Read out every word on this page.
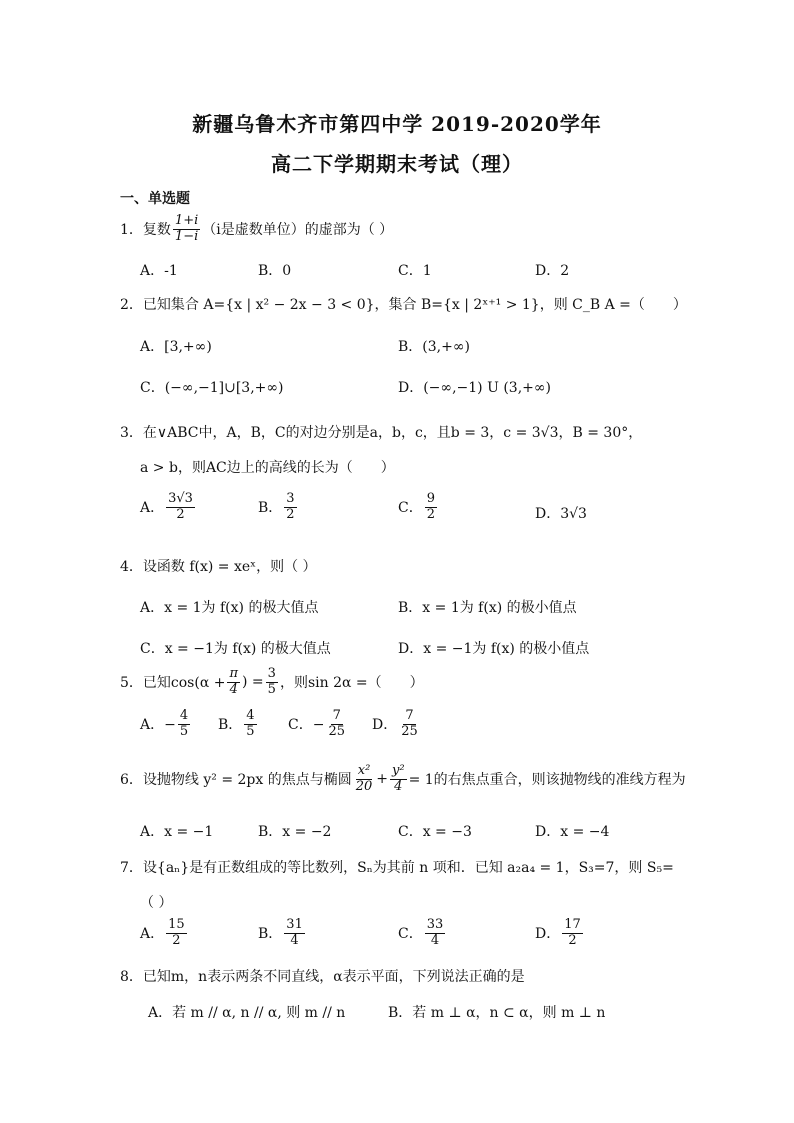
新疆乌鲁木齐市第四中学 2019-2020学年
高二下学期期末考试（理）
一、单选题
1．复数 $\frac{1+i}{1-i} (i$是虚数单位）的虚部为（ ）
A．-1	B．0	C．1	D．2
2．已知集合 A={x | x² − 2x − 3 < 0}，集合 B={x | 2ˣ⁺¹ > 1}，则 C_B A =（　　）
A．[3,+∞)	B．(3,+∞)
C．(−∞,−1]∪[3,+∞)	D．(−∞,−1) U (3,+∞)
3．在∨ABC中，A，B，C的对边分别是a，b，c，且b = 3，c = 3√3，B = 30°，
a > b，则AC边上的高线的长为（　　）
A． $\frac{3√3}{2}$	B． $\frac{3}{2}$	C． $\frac{9}{2}$	D．3√3
4．设函数 f(x) = xeˣ，则（ ）
A．x = 1为 f(x) 的极大值点	B．x = 1为 f(x) 的极小值点
C．x = −1为 f(x) 的极大值点	D．x = −1为 f(x) 的极小值点
5．已知$\cos(\alpha + \frac{\pi}{4}$ ) = $\frac{3}{5}$ ，则sin 2α =（　　）
A．− $\frac{4}{5}$ B． $\frac{4}{5}$ C．− $\frac{7}{25}$ D． $\frac{7}{25}$
6．设抛物线 y² = 2px 的焦点与椭圆 $\frac{\text{x²}}{20} + \frac{\text{y²}}{4} = 1$的右焦点重合，则该抛物线的准线方程为
A．x = −1	B．x = −2	C．x = −3	D．x = −4
7．设{aₙ}是有正数组成的等比数列，Sₙ为其前 n 项和．已知 a₂a₄ = 1，S₃=7，则 S₅=
（ ）
A． $\frac{15}{2}$	B． $\frac{31}{4}$	C． $\frac{33}{4}$	D． $\frac{17}{2}$
8．已知m，n表示两条不同直线，α表示平面，下列说法正确的是
A．若 m // α, n // α, 则 m // n	B．若 m ⊥ α，n ⊂ α，则 m ⊥ n
